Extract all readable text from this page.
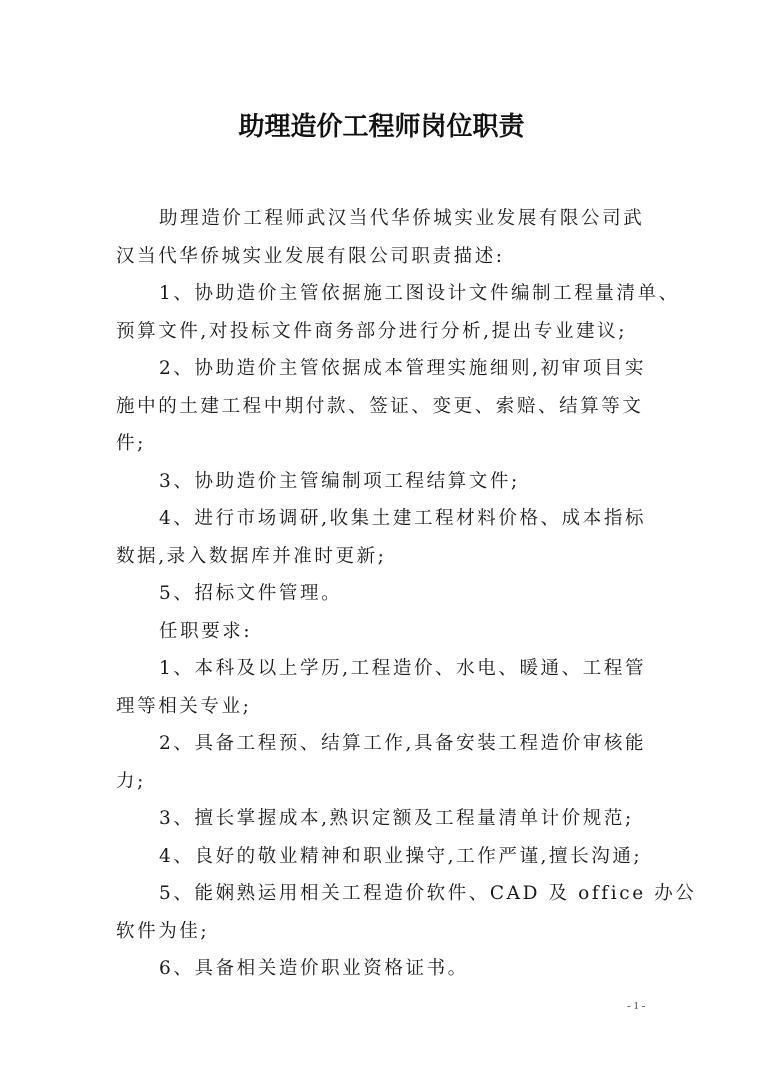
助理造价工程师岗位职责
助理造价工程师武汉当代华侨城实业发展有限公司武
汉当代华侨城实业发展有限公司职责描述:
1、协助造价主管依据施工图设计文件编制工程量清单、
预算文件,对投标文件商务部分进行分析,提出专业建议;
2、协助造价主管依据成本管理实施细则,初审项目实
施中的土建工程中期付款、签证、变更、索赔、结算等文
件;
3、协助造价主管编制项工程结算文件;
4、进行市场调研,收集土建工程材料价格、成本指标
数据,录入数据库并准时更新;
5、招标文件管理。
任职要求:
1、本科及以上学历,工程造价、水电、暖通、工程管
理等相关专业;
2、具备工程预、结算工作,具备安装工程造价审核能
力;
3、擅长掌握成本,熟识定额及工程量清单计价规范;
4、良好的敬业精神和职业操守,工作严谨,擅长沟通;
5、能娴熟运用相关工程造价软件、CAD 及 office 办公
软件为佳;
6、具备相关造价职业资格证书。
- 1 -
